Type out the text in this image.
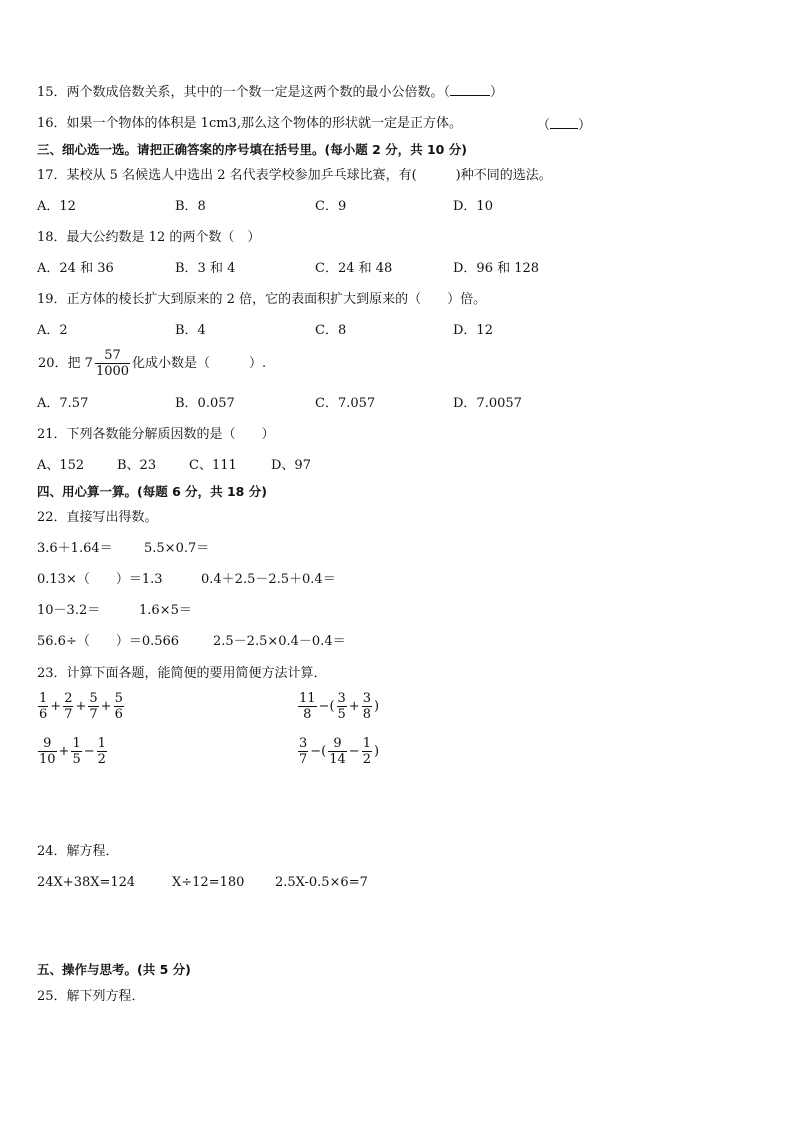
15．两个数成倍数关系，其中的一个数一定是这两个数的最小公倍数。（	）
16．如果一个物体的体积是 1cm3,那么这个物体的形状就一定是正方体。	（ ）
三、细心选一选。请把正确答案的序号填在括号里。(每小题 2 分，共 10 分)
17．某校从 5 名候选人中选出 2 名代表学校参加乒乓球比赛，有(　　　)种不同的选法。
A．12	B．8	C．9	D．10
18．最大公约数是 12 的两个数（　）
A．24 和 36	B．3 和 4	C．24 和 48	D．96 和 128
19．正方体的棱长扩大到原来的 2 倍，它的表面积扩大到原来的（　　）倍。
A．2	B．4	C．8	D．12
20．把 $7 \frac{57}{1000}$ 化成小数是（　　　）.
A．7.57	B．0.057	C．7.057	D．7.0057
21．下列各数能分解质因数的是（　　）
A、152	B、23	C、111	D、97
四、用心算一算。(每题 6 分，共 18 分)
22．直接写出得数。
3.6＋1.64＝ 5.5×0.7＝
0.13×（　　）＝1.3	0.4＋2.5－2.5＋0.4＝
10－3.2＝	1.6×5＝
56.6÷（　　）＝0.566	2.5－2.5×0.4－0.4＝
23．计算下面各题，能简便的要用简便方法计算．
$\frac{1}{6} + \frac{2}{7} + \frac{5}{7} + \frac{5}{6}$	$\frac{11}{8}$ −( $\frac{3}{5} + \frac{3}{8}$ )
$\frac{9}{10} + \frac{1}{5} - \frac{1}{2}$	$\frac{3}{7}$ −( $\frac{9}{14} - \frac{1}{2}$ )
24．解方程．
24X+38X=124	X÷12=180 2.5X-0.5×6=7
五、操作与思考。(共 5 分)
25．解下列方程．
